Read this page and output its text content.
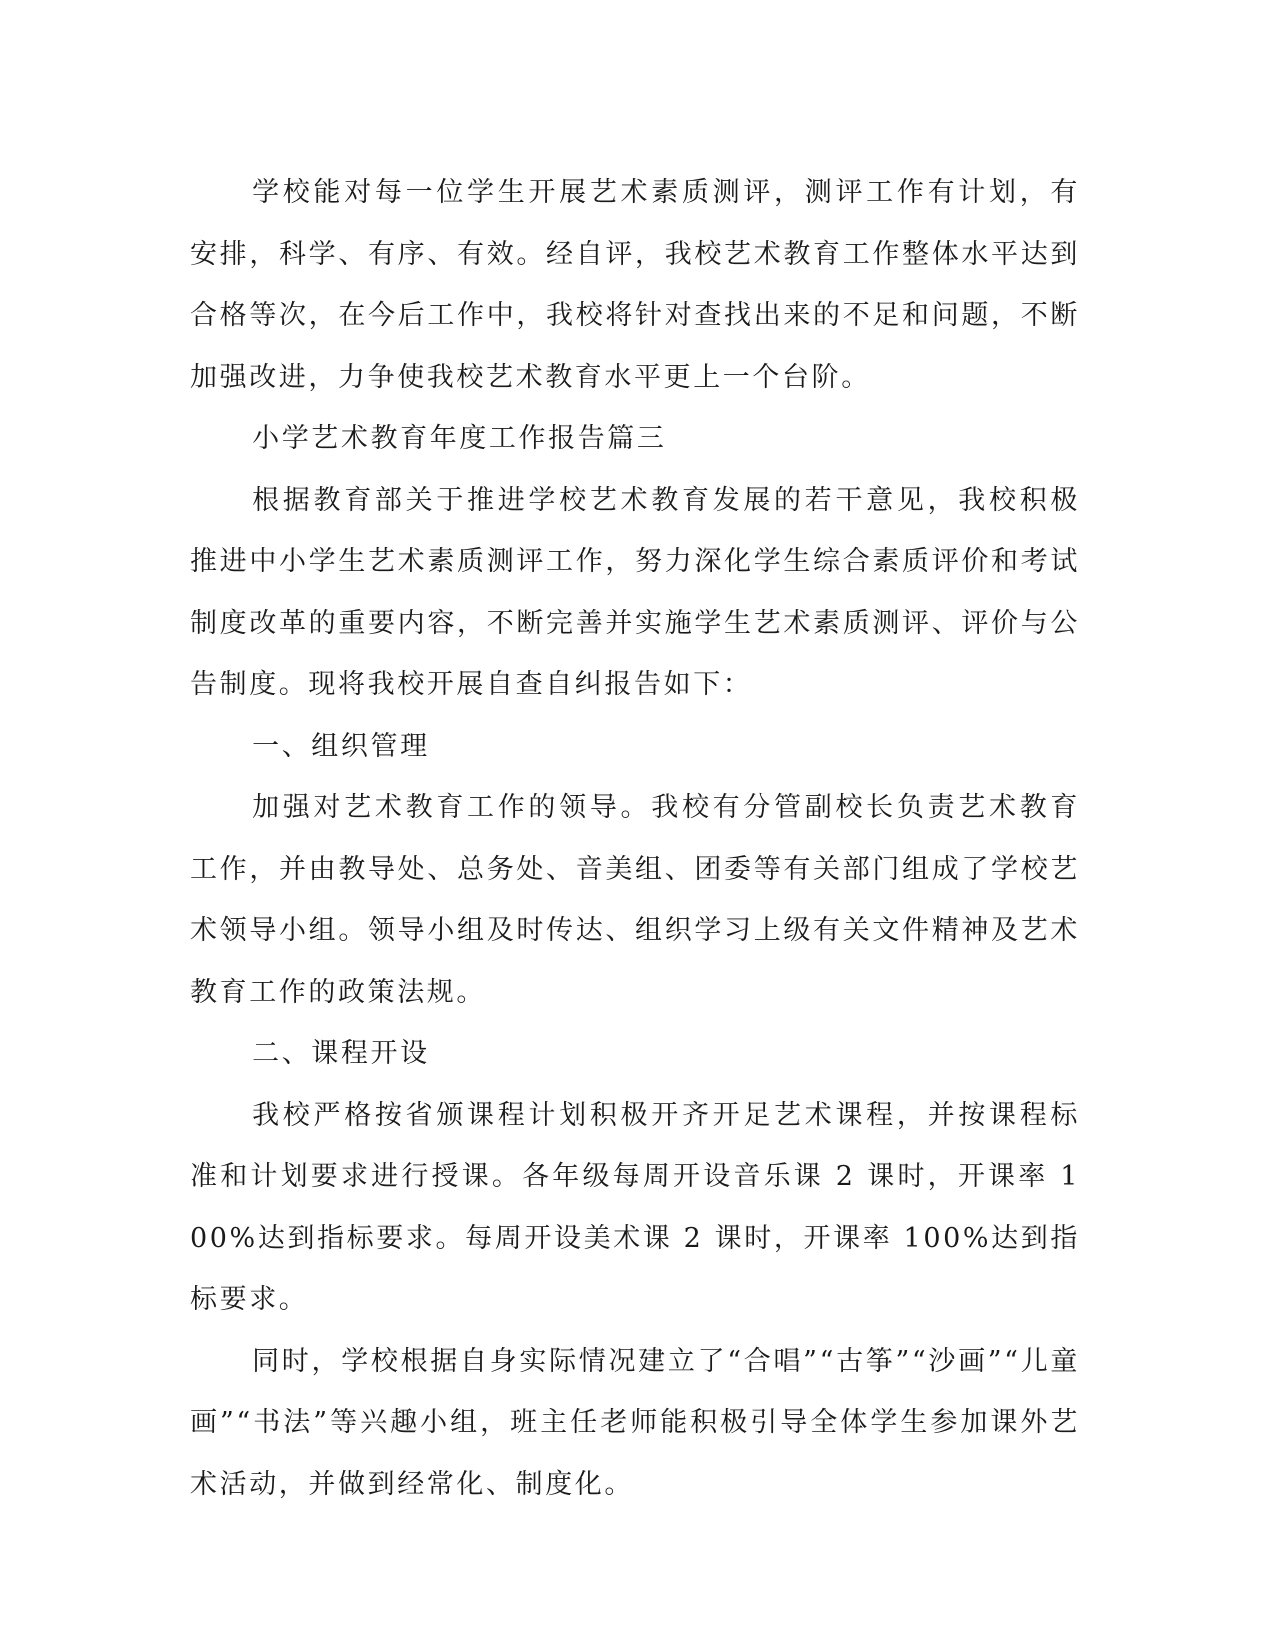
学校能对每一位学生开展艺术素质测评，测评工作有计划，有安排，科学、有序、有效。经自评，我校艺术教育工作整体水平达到合格等次，在今后工作中，我校将针对查找出来的不足和问题，不断加强改进，力争使我校艺术教育水平更上一个台阶。

小学艺术教育年度工作报告篇三

根据教育部关于推进学校艺术教育发展的若干意见，我校积极推进中小学生艺术素质测评工作，努力深化学生综合素质评价和考试制度改革的重要内容，不断完善并实施学生艺术素质测评、评价与公告制度。现将我校开展自查自纠报告如下：

一、组织管理

加强对艺术教育工作的领导。我校有分管副校长负责艺术教育工作，并由教导处、总务处、音美组、团委等有关部门组成了学校艺术领导小组。领导小组及时传达、组织学习上级有关文件精神及艺术教育工作的政策法规。

二、课程开设

我校严格按省颁课程计划积极开齐开足艺术课程，并按课程标准和计划要求进行授课。各年级每周开设音乐课 2 课时，开课率 100%达到指标要求。每周开设美术课 2 课时，开课率 100%达到指标要求。

同时，学校根据自身实际情况建立了“合唱”“古筝”“沙画”“儿童画”“书法”等兴趣小组，班主任老师能积极引导全体学生参加课外艺术活动，并做到经常化、制度化。
